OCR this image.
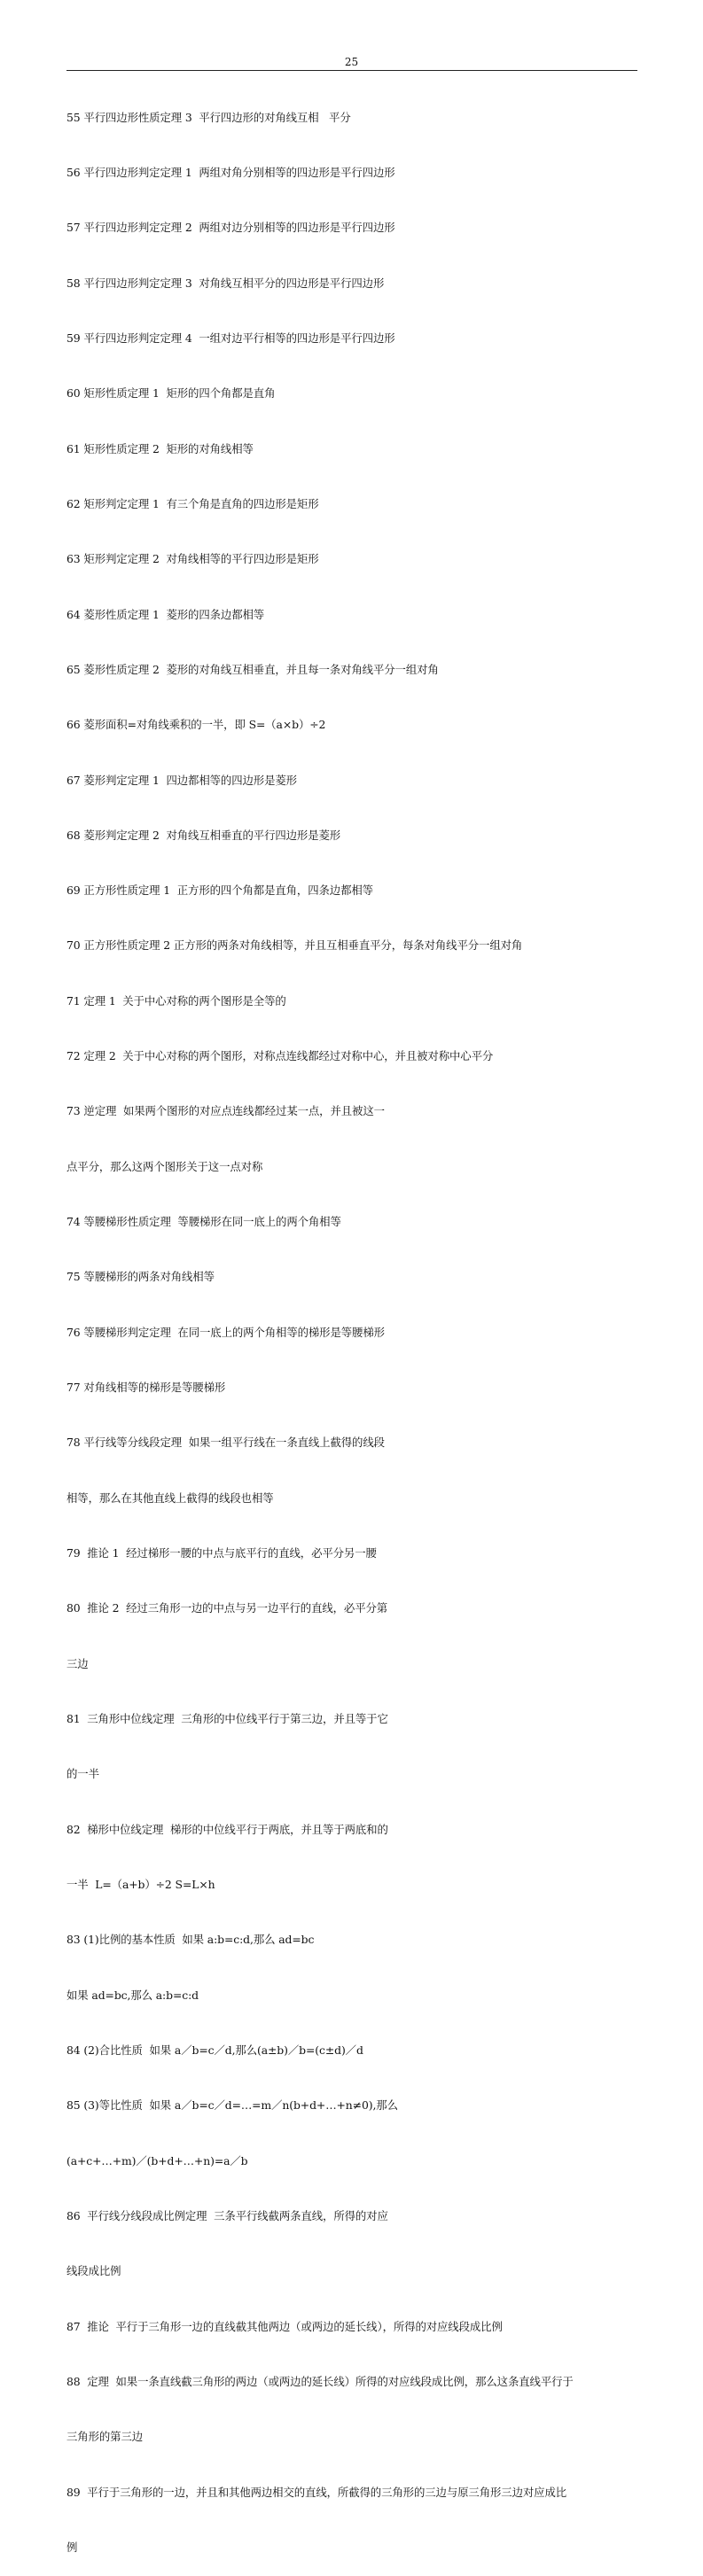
25

55 平行四边形性质定理 3  平行四边形的对角线互相   平分

56 平行四边形判定定理 1  两组对角分别相等的四边形是平行四边形

57 平行四边形判定定理 2  两组对边分别相等的四边形是平行四边形

58 平行四边形判定定理 3  对角线互相平分的四边形是平行四边形

59 平行四边形判定定理 4  一组对边平行相等的四边形是平行四边形

60 矩形性质定理 1  矩形的四个角都是直角

61 矩形性质定理 2  矩形的对角线相等

62 矩形判定定理 1  有三个角是直角的四边形是矩形

63 矩形判定定理 2  对角线相等的平行四边形是矩形

64 菱形性质定理 1  菱形的四条边都相等

65 菱形性质定理 2  菱形的对角线互相垂直，并且每一条对角线平分一组对角

66 菱形面积=对角线乘积的一半，即 S=（a×b）÷2

67 菱形判定定理 1  四边都相等的四边形是菱形

68 菱形判定定理 2  对角线互相垂直的平行四边形是菱形

69 正方形性质定理 1  正方形的四个角都是直角，四条边都相等

70 正方形性质定理 2 正方形的两条对角线相等，并且互相垂直平分，每条对角线平分一组对角

71 定理 1  关于中心对称的两个图形是全等的

72 定理 2  关于中心对称的两个图形，对称点连线都经过对称中心，并且被对称中心平分

73 逆定理  如果两个图形的对应点连线都经过某一点，并且被这一

点平分，那么这两个图形关于这一点对称

74 等腰梯形性质定理  等腰梯形在同一底上的两个角相等

75 等腰梯形的两条对角线相等

76 等腰梯形判定定理  在同一底上的两个角相等的梯形是等腰梯形

77 对角线相等的梯形是等腰梯形

78 平行线等分线段定理  如果一组平行线在一条直线上截得的线段

相等，那么在其他直线上截得的线段也相等

79  推论 1  经过梯形一腰的中点与底平行的直线，必平分另一腰

80  推论 2  经过三角形一边的中点与另一边平行的直线，必平分第

三边

81  三角形中位线定理  三角形的中位线平行于第三边，并且等于它

的一半

82  梯形中位线定理  梯形的中位线平行于两底，并且等于两底和的

一半  L=（a+b）÷2 S=L×h

83 (1)比例的基本性质  如果 a:b=c:d,那么 ad=bc

如果 ad=bc,那么 a:b=c:d

84 (2)合比性质  如果 a／b=c／d,那么(a±b)／b=(c±d)／d

85 (3)等比性质  如果 a／b=c／d=…=m／n(b+d+…+n≠0),那么

(a+c+…+m)／(b+d+…+n)=a／b

86  平行线分线段成比例定理  三条平行线截两条直线，所得的对应

线段成比例

87  推论  平行于三角形一边的直线截其他两边（或两边的延长线），所得的对应线段成比例

88  定理  如果一条直线截三角形的两边（或两边的延长线）所得的对应线段成比例，那么这条直线平行于

三角形的第三边

89  平行于三角形的一边，并且和其他两边相交的直线，所截得的三角形的三边与原三角形三边对应成比

例
